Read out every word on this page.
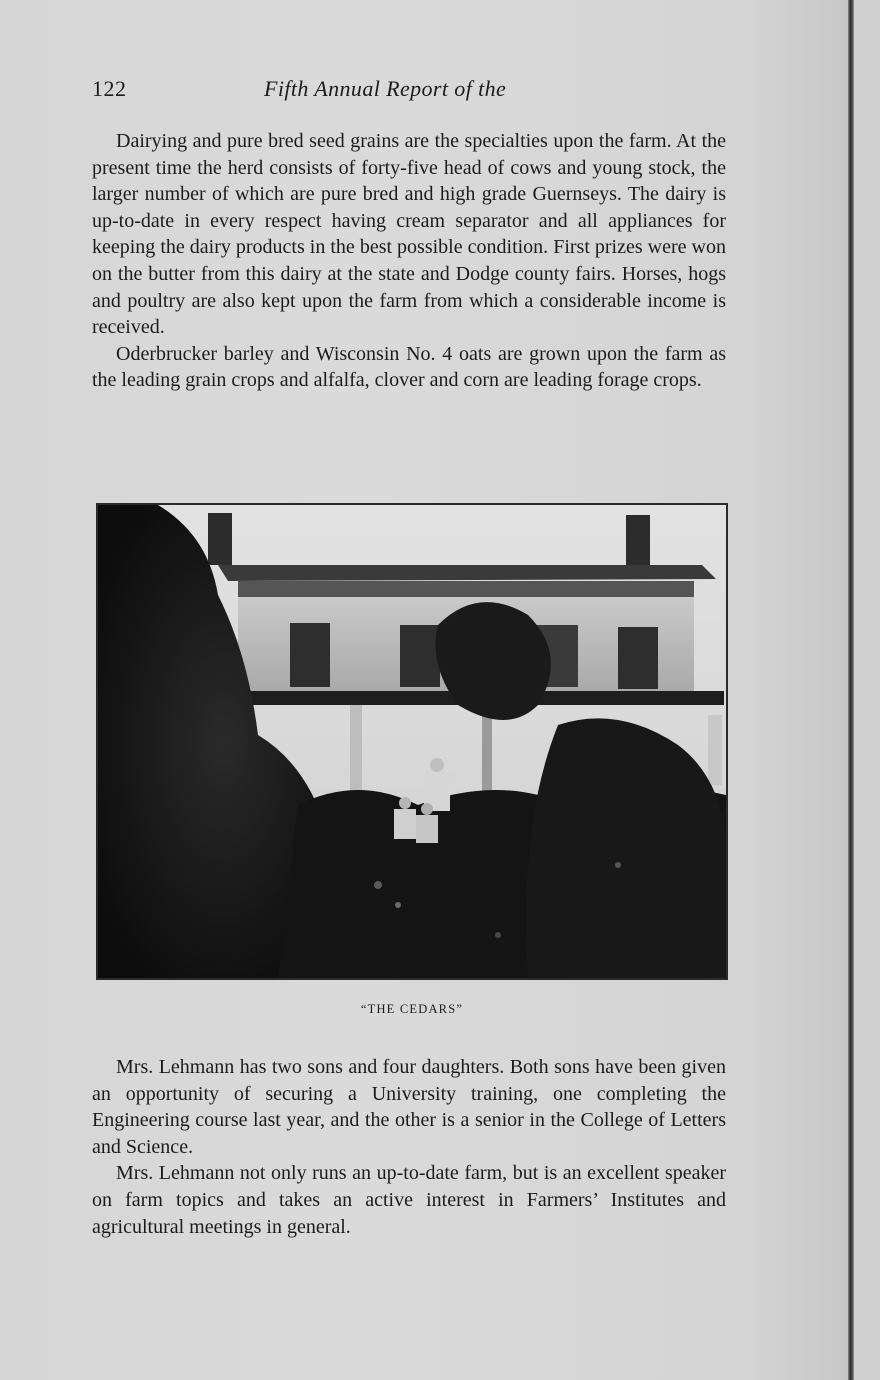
122	Fifth Annual Report of the

Dairying and pure bred seed grains are the specialties upon the farm. At the present time the herd consists of forty-five head of cows and young stock, the larger number of which are pure bred and high grade Guernseys. The dairy is up-to-date in every respect having cream separator and all appliances for keeping the dairy products in the best possible condition. First prizes were won on the butter from this dairy at the state and Dodge county fairs. Horses, hogs and poultry are also kept upon the farm from which a considerable income is received.

Oderbrucker barley and Wisconsin No. 4 oats are grown upon the farm as the leading grain crops and alfalfa, clover and corn are leading forage crops.

“THE CEDARS”

Mrs. Lehmann has two sons and four daughters. Both sons have been given an opportunity of securing a University training, one completing the Engineering course last year, and the other is a senior in the College of Letters and Science.

Mrs. Lehmann not only runs an up-to-date farm, but is an excellent speaker on farm topics and takes an active interest in Farmers’ Institutes and agricultural meetings in general.
